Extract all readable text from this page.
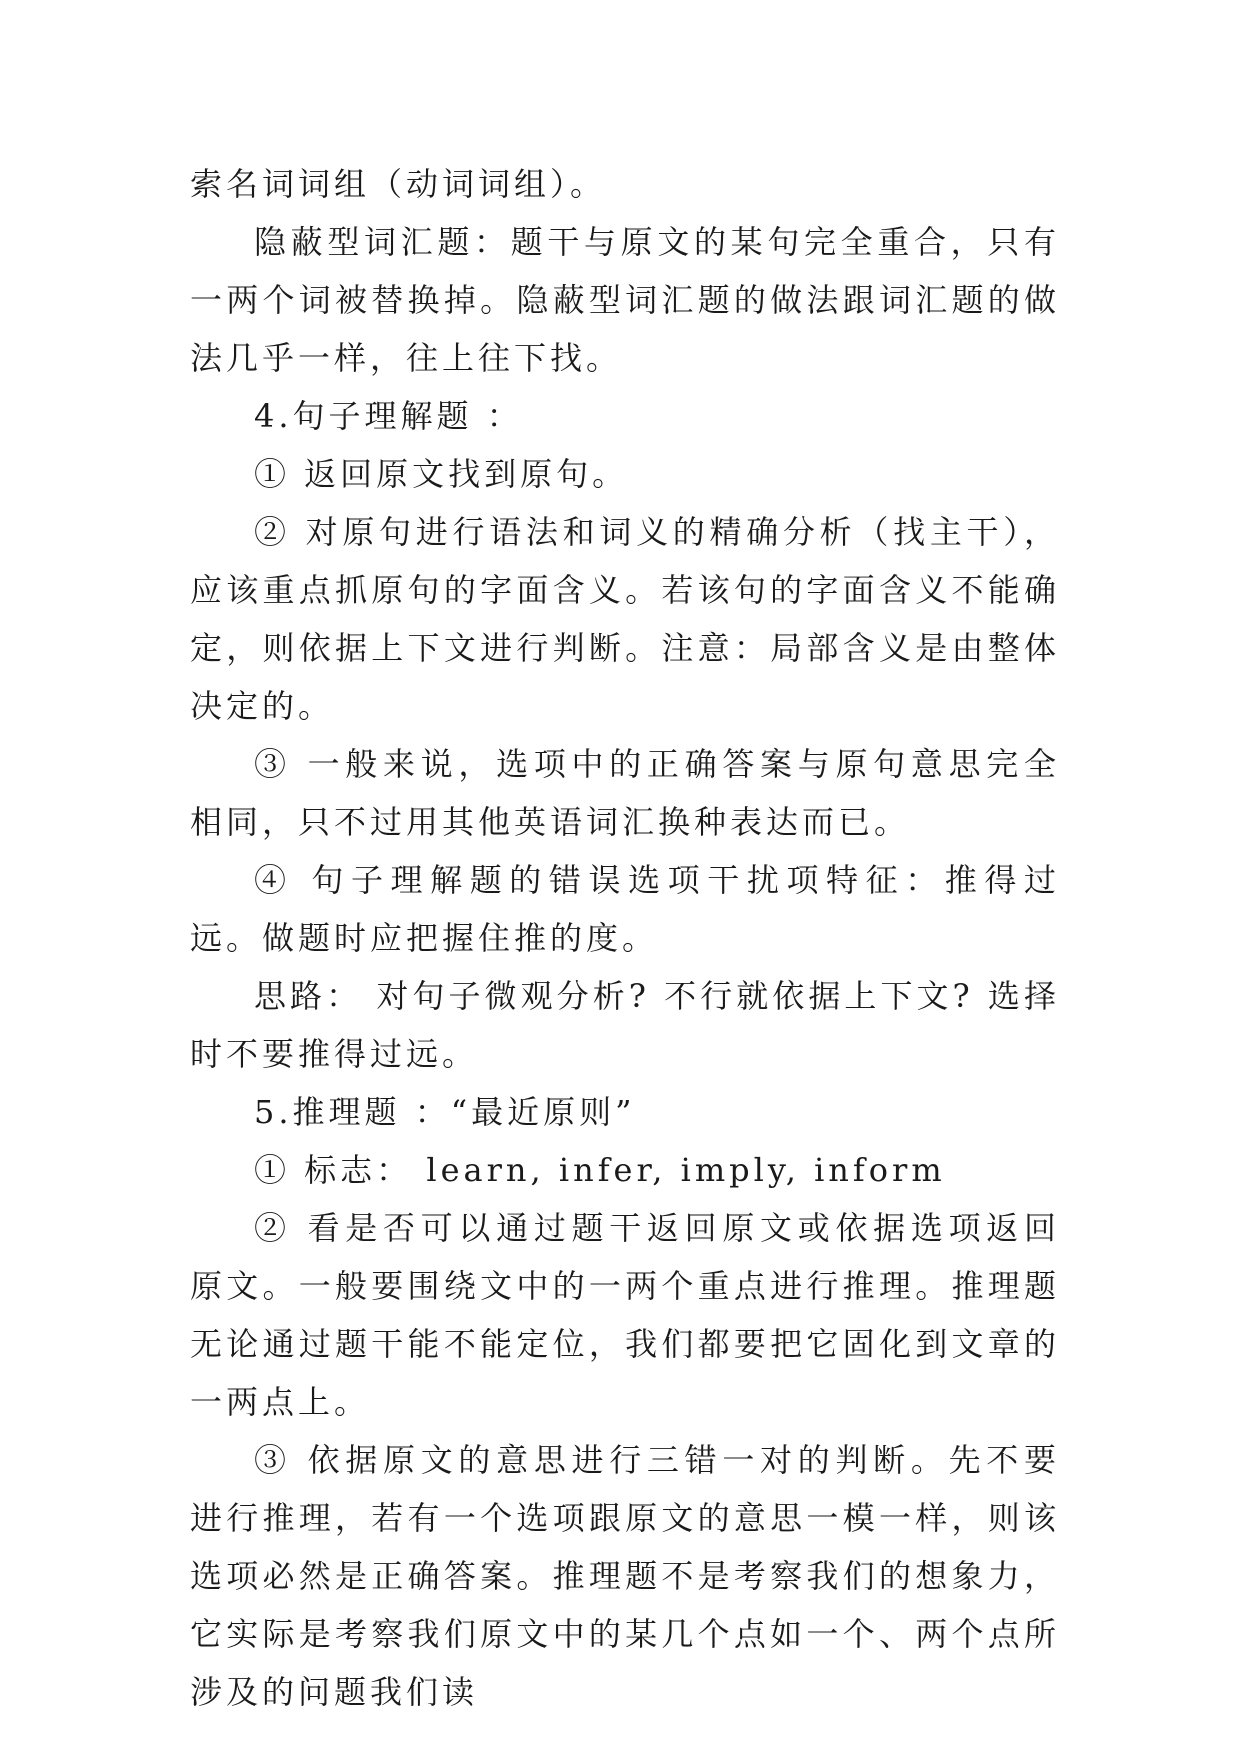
索名词词组（动词词组）。

隐蔽型词汇题：题干与原文的某句完全重合，只有一两个词被替换掉。隐蔽型词汇题的做法跟词汇题的做法几乎一样，往上往下找。

4.句子理解题 ：

① 返回原文找到原句。

② 对原句进行语法和词义的精确分析（找主干），应该重点抓原句的字面含义。若该句的字面含义不能确定，则依据上下文进行判断。注意：局部含义是由整体决定的。

③ 一般来说，选项中的正确答案与原句意思完全相同，只不过用其他英语词汇换种表达而已。

④ 句子理解题的错误选项干扰项特征：推得过远。做题时应把握住推的度。

思路： 对句子微观分析? 不行就依据上下文? 选择时不要推得过远。

5.推理题 ：“最近原则”

① 标志： learn, infer, imply, inform

② 看是否可以通过题干返回原文或依据选项返回原文。一般要围绕文中的一两个重点进行推理。推理题无论通过题干能不能定位，我们都要把它固化到文章的一两点上。

③ 依据原文的意思进行三错一对的判断。先不要进行推理，若有一个选项跟原文的意思一模一样，则该选项必然是正确答案。推理题不是考察我们的想象力，它实际是考察我们原文中的某几个点如一个、两个点所涉及的问题我们读
